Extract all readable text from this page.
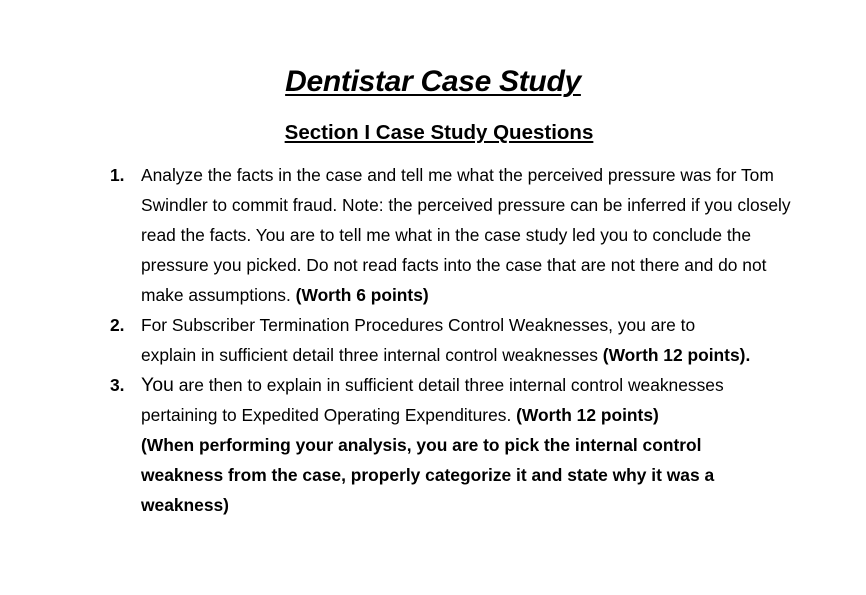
Dentistar Case Study
Section I Case Study Questions
1. Analyze the facts in the case and tell me what the perceived pressure was for Tom Swindler to commit fraud. Note: the perceived pressure can be inferred if you closely read the facts. You are to tell me what in the case study led you to conclude the pressure you picked. Do not read facts into the case that are not there and do not make assumptions. (Worth 6 points)
2. For Subscriber Termination Procedures Control Weaknesses, you are to explain in sufficient detail three internal control weaknesses (Worth 12 points).
3. You are then to explain in sufficient detail three internal control weaknesses pertaining to Expedited Operating Expenditures. (Worth 12 points)
(When performing your analysis, you are to pick the internal control weakness from the case, properly categorize it and state why it was a weakness)
